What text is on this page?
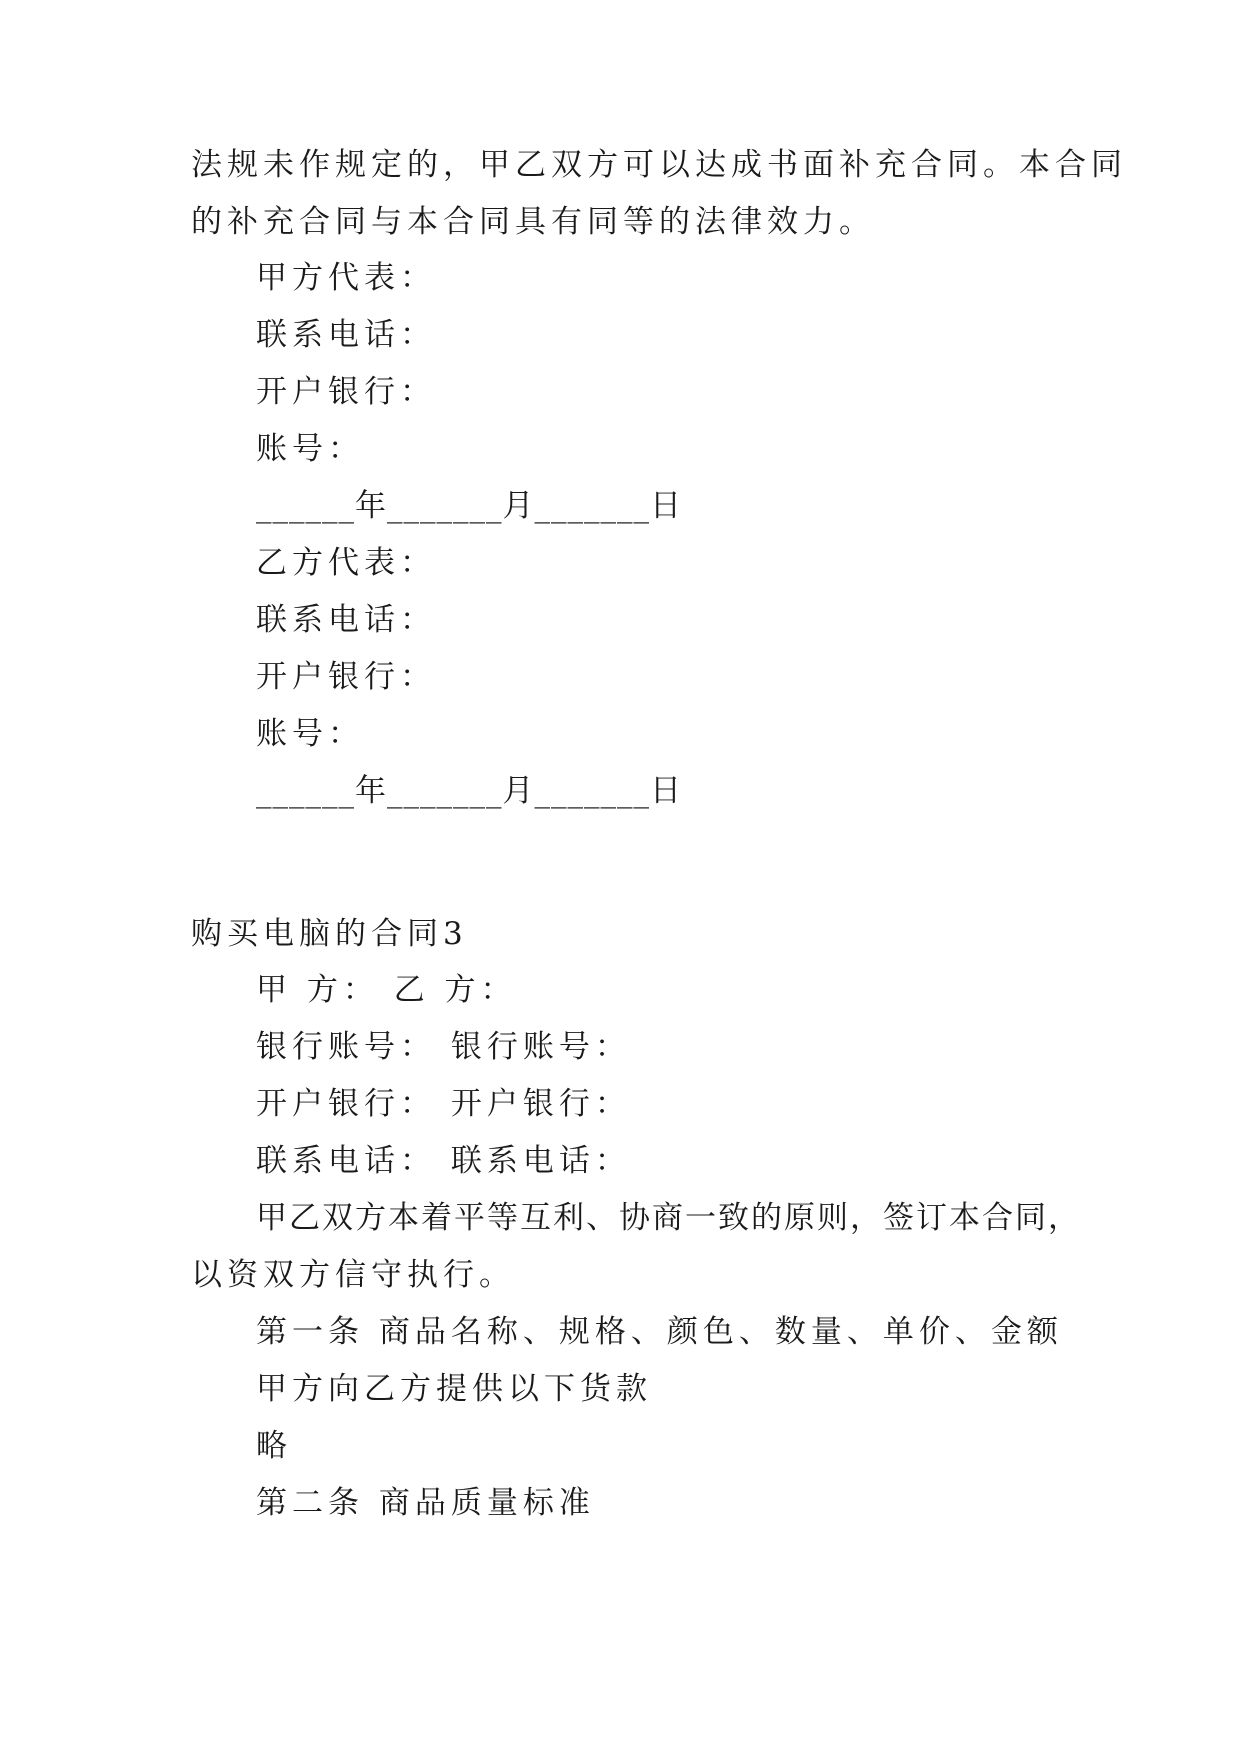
法规未作规定的，甲乙双方可以达成书面补充合同。本合同
的补充合同与本合同具有同等的法律效力。
甲方代表：
联系电话：
开户银行：
账号：
______年_______月_______日
乙方代表：
联系电话：
开户银行：
账号：
______年_______月_______日
购买电脑的合同3
甲 方： 乙 方：
银行账号： 银行账号：
开户银行： 开户银行：
联系电话： 联系电话：
甲乙双方本着平等互利、协商一致的原则，签订本合同，
以资双方信守执行。
第一条 商品名称、规格、颜色、数量、单价、金额
甲方向乙方提供以下货款
略
第二条 商品质量标准
